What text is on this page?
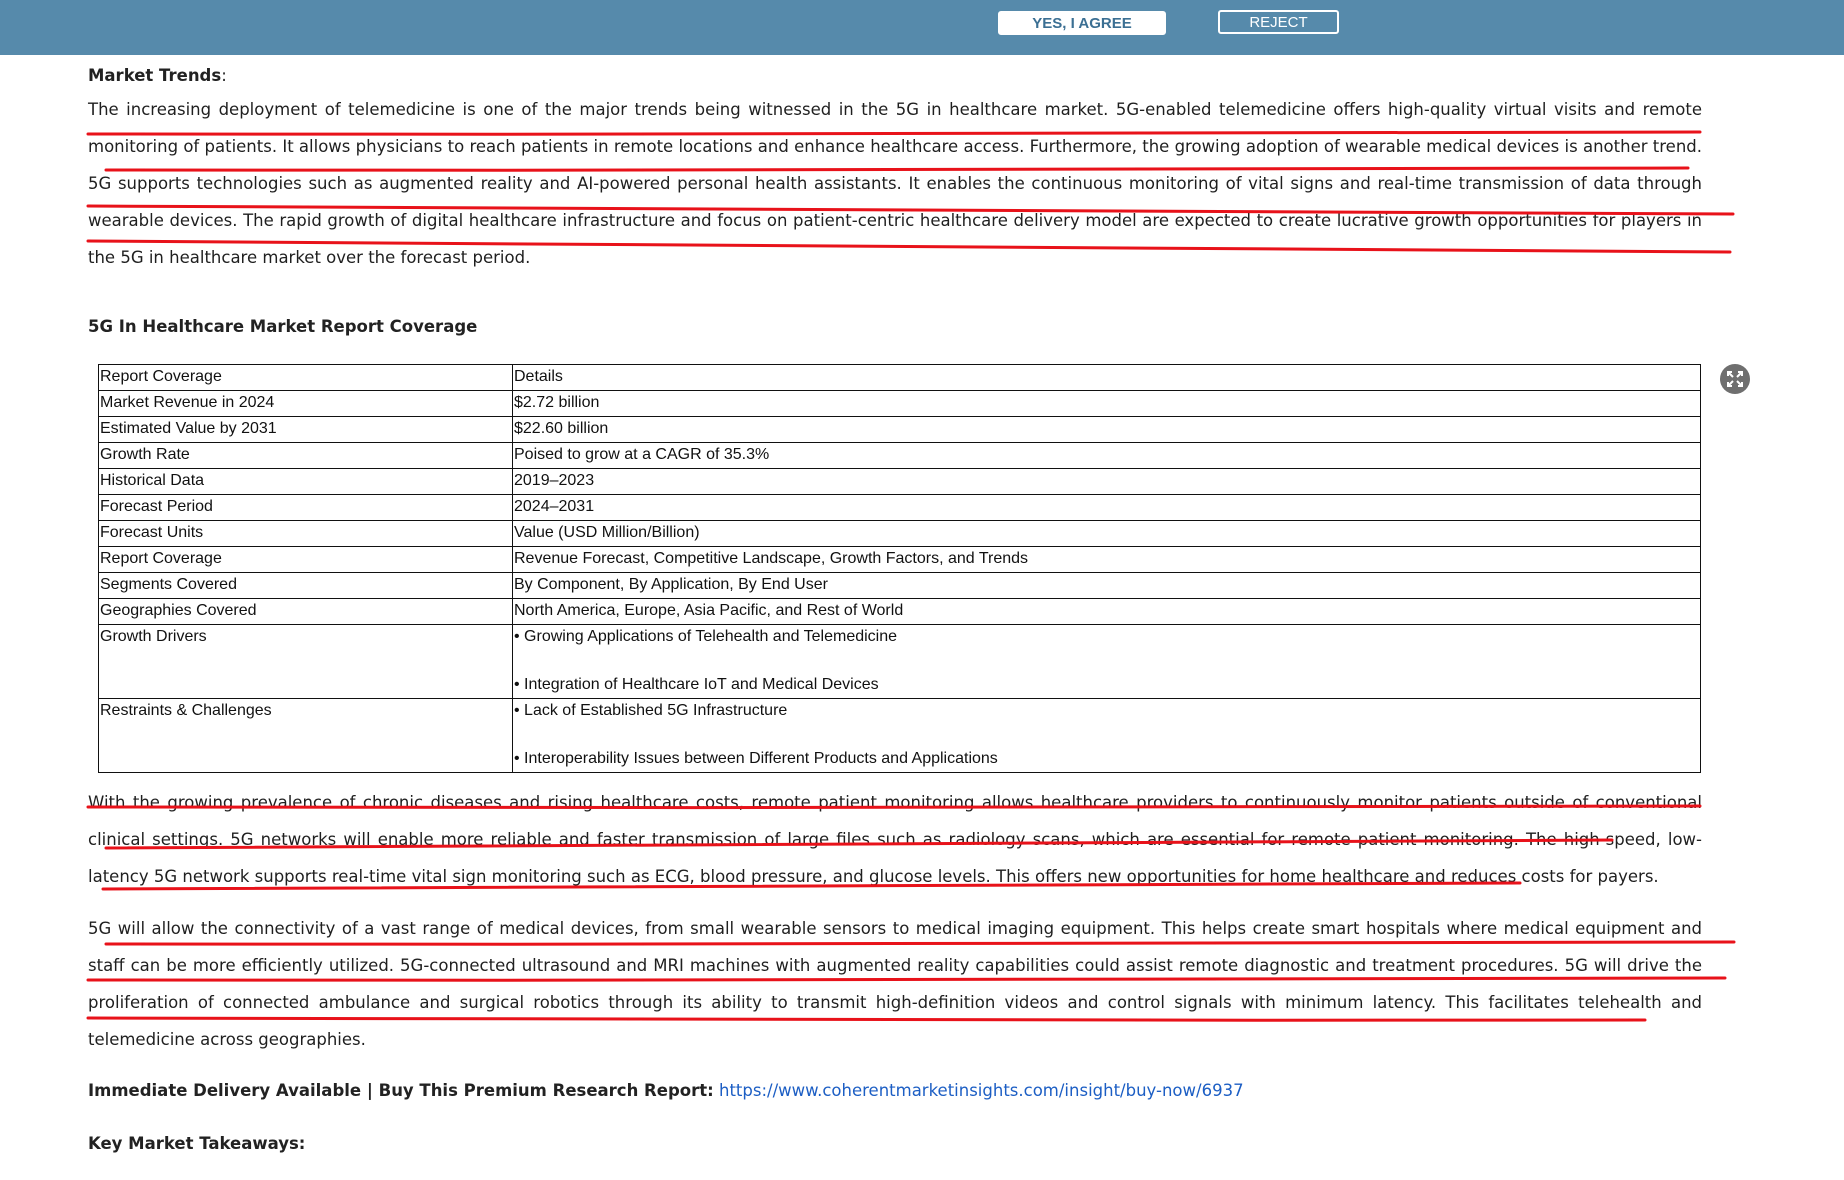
YES, I AGREE	REJECT
Market Trends:

The increasing deployment of telemedicine is one of the major trends being witnessed in the 5G in healthcare market. 5G-enabled telemedicine offers high-quality virtual visits and remote monitoring of patients. It allows physicians to reach patients in remote locations and enhance healthcare access. Furthermore, the growing adoption of wearable medical devices is another trend. 5G supports technologies such as augmented reality and AI-powered personal health assistants. It enables the continuous monitoring of vital signs and real-time transmission of data through wearable devices. The rapid growth of digital healthcare infrastructure and focus on patient-centric healthcare delivery model are expected to create lucrative growth opportunities for players in the 5G in healthcare market over the forecast period.

5G In Healthcare Market Report Coverage
Report Coverage	Details
Market Revenue in 2024	$2.72 billion
Estimated Value by 2031	$22.60 billion
Growth Rate	Poised to grow at a CAGR of 35.3%
Historical Data	2019–2023
Forecast Period	2024–2031
Forecast Units	Value (USD Million/Billion)
Report Coverage	Revenue Forecast, Competitive Landscape, Growth Factors, and Trends
Segments Covered	By Component, By Application, By End User
Geographies Covered	North America, Europe, Asia Pacific, and Rest of World
Growth Drivers	• Growing Applications of Telehealth and Telemedicine
• Integration of Healthcare IoT and Medical Devices

Restraints & Challenges	• Lack of Established 5G Infrastructure
• Interoperability Issues between Different Products and Applications

With the growing prevalence of chronic diseases and rising healthcare costs, remote patient monitoring allows healthcare providers to continuously monitor patients outside of conventional clinical settings. 5G networks will enable more reliable and faster transmission of large files such as radiology scans, which are essential for remote patient monitoring. The high-speed, low-latency 5G network supports real-time vital sign monitoring such as ECG, blood pressure, and glucose levels. This offers new opportunities for home healthcare and reduces costs for payers.

5G will allow the connectivity of a vast range of medical devices, from small wearable sensors to medical imaging equipment. This helps create smart hospitals where medical equipment and staff can be more efficiently utilized. 5G-connected ultrasound and MRI machines with augmented reality capabilities could assist remote diagnostic and treatment procedures. 5G will drive the proliferation of connected ambulance and surgical robotics through its ability to transmit high-definition videos and control signals with minimum latency. This facilitates telehealth and telemedicine across geographies.

Immediate Delivery Available | Buy This Premium Research Report: https://www.coherentmarketinsights.com/insight/buy-now/6937
Key Market Takeaways:
